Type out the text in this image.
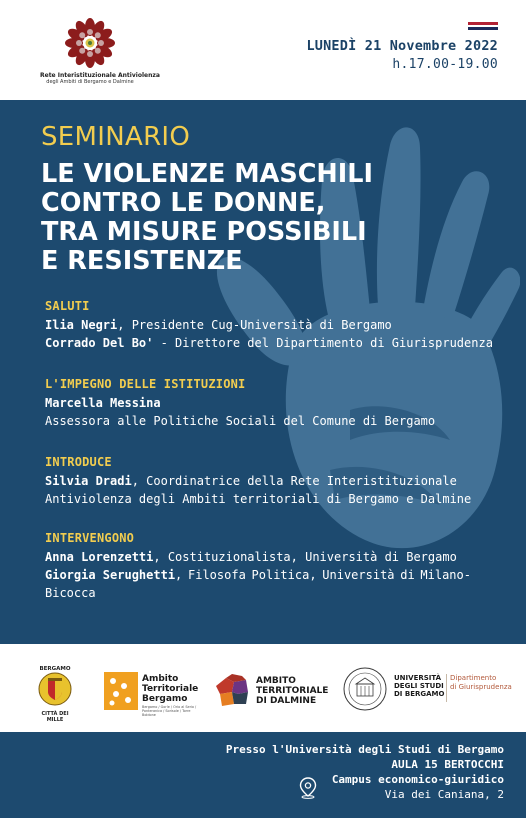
Rete Interistituzionale Antiviolenza
degli Ambiti di Bergamo e Dalmine
LUNEDÌ 21 Novembre 2022
h.17.00-19.00
SEMINARIO
LE VIOLENZE MASCHILI
CONTRO LE DONNE,
TRA MISURE POSSIBILI
E RESISTENZE
SALUTI
Ilia Negri, Presidente Cug-Università di Bergamo
Corrado Del Bo' - Direttore del Dipartimento di Giurisprudenza
L'IMPEGNO DELLE ISTITUZIONI
Marcella Messina
Assessora alle Politiche Sociali del Comune di Bergamo
INTRODUCE
Silvia Dradi, Coordinatrice della Rete Interistituzionale
Antiviolenza degli Ambiti territoriali di Bergamo e Dalmine
INTERVENGONO
Anna Lorenzetti, Costituzionalista, Università di Bergamo
Giorgia Serughetti, Filosofa Politica, Università di Milano-
Bicocca
BERGAMO
CITTÀ DEI MILLE
Ambito
Territoriale
Bergamo
Bergamo / Gorle / Orio al Serio / Ponteranica / Sorisole / Torre Boldone
AMBITO
TERRITORIALE
DI DALMINE
UNIVERSITÀ
DEGLI STUDI
DI BERGAMO
Dipartimento
di Giurisprudenza
Presso l'Università degli Studi di Bergamo
AULA 15 BERTOCCHI
Campus economico-giuridico
Via dei Caniana, 2
